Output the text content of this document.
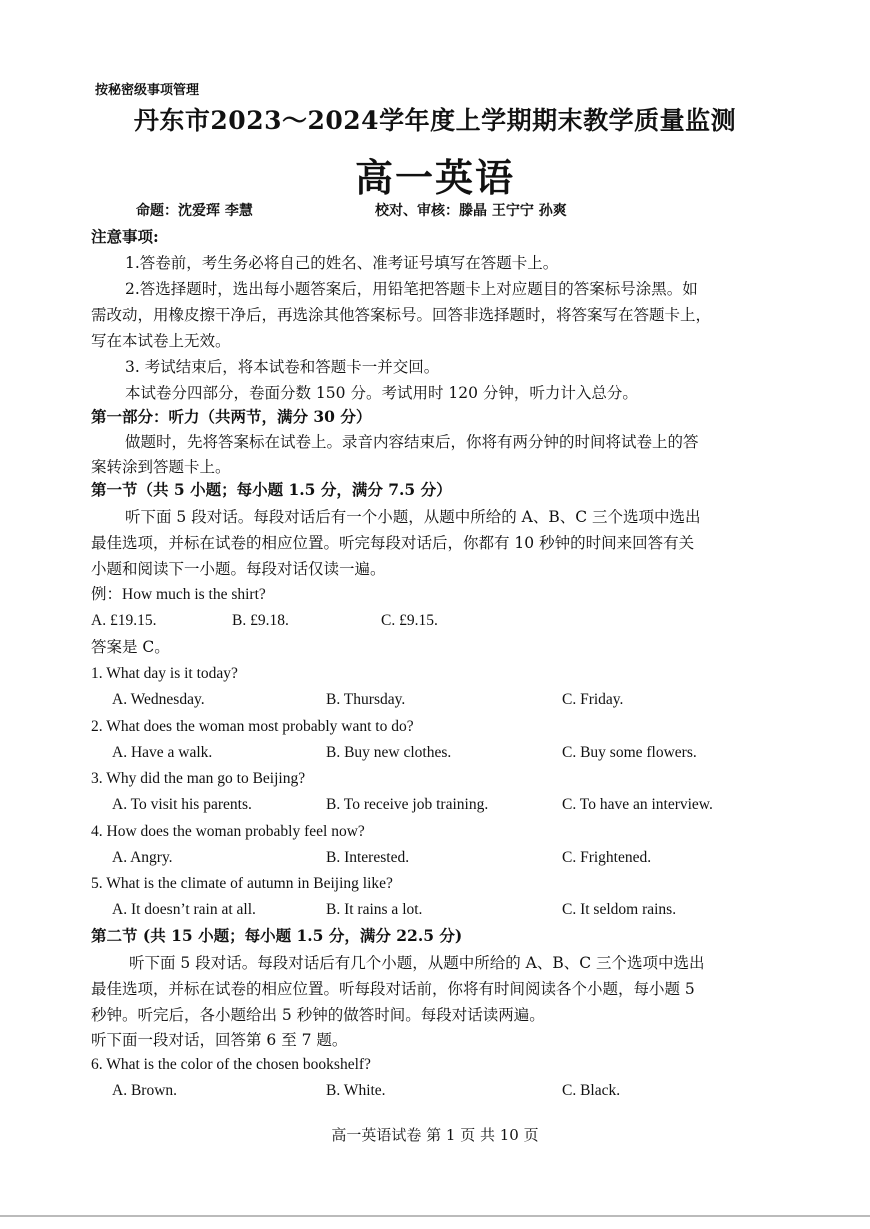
按秘密级事项管理
丹东市2023～2024学年度上学期期末教学质量监测
高一英语
命题：沈爱珲 李慧	校对、审核：滕晶 王宁宁 孙爽
注意事项:
1.答卷前，考生务必将自己的姓名、准考证号填写在答题卡上。
2.答选择题时，选出每小题答案后，用铅笔把答题卡上对应题目的答案标号涂黑。如
需改动，用橡皮擦干净后，再选涂其他答案标号。回答非选择题时，将答案写在答题卡上，
写在本试卷上无效。
3. 考试结束后，将本试卷和答题卡一并交回。
本试卷分四部分，卷面分数 150 分。考试用时 120 分钟，听力计入总分。
第一部分：听力（共两节，满分 30 分）
做题时，先将答案标在试卷上。录音内容结束后，你将有两分钟的时间将试卷上的答
案转涂到答题卡上。
第一节（共 5 小题；每小题 1.5 分，满分 7.5 分）
听下面 5 段对话。每段对话后有一个小题，从题中所给的 A、B、C 三个选项中选出
最佳选项，并标在试卷的相应位置。听完每段对话后，你都有 10 秒钟的时间来回答有关
小题和阅读下一小题。每段对话仅读一遍。
例：How much is the shirt?
A. £19.15.	B. £9.18.	C. £9.15.
答案是 C。
1. What day is it today?
A. Wednesday.	B. Thursday.	C. Friday.
2. What does the woman most probably want to do?
A. Have a walk.	B. Buy new clothes.	C. Buy some flowers.
3. Why did the man go to Beijing?
A. To visit his parents.	B. To receive job training.	C. To have an interview.
4. How does the woman probably feel now?
A. Angry.	B. Interested.	C. Frightened.
5. What is the climate of autumn in Beijing like?
A. It doesn’t rain at all.	B. It rains a lot.	C. It seldom rains.
第二节 (共 15 小题；每小题 1.5 分，满分 22.5 分)
听下面 5 段对话。每段对话后有几个小题，从题中所给的 A、B、C 三个选项中选出
最佳选项，并标在试卷的相应位置。听每段对话前，你将有时间阅读各个小题，每小题 5
秒钟。听完后，各小题给出 5 秒钟的做答时间。每段对话读两遍。
听下面一段对话，回答第 6 至 7 题。
6. What is the color of the chosen bookshelf?
A. Brown.	B. White.	C. Black.
高一英语试卷 第 1 页 共 10 页
